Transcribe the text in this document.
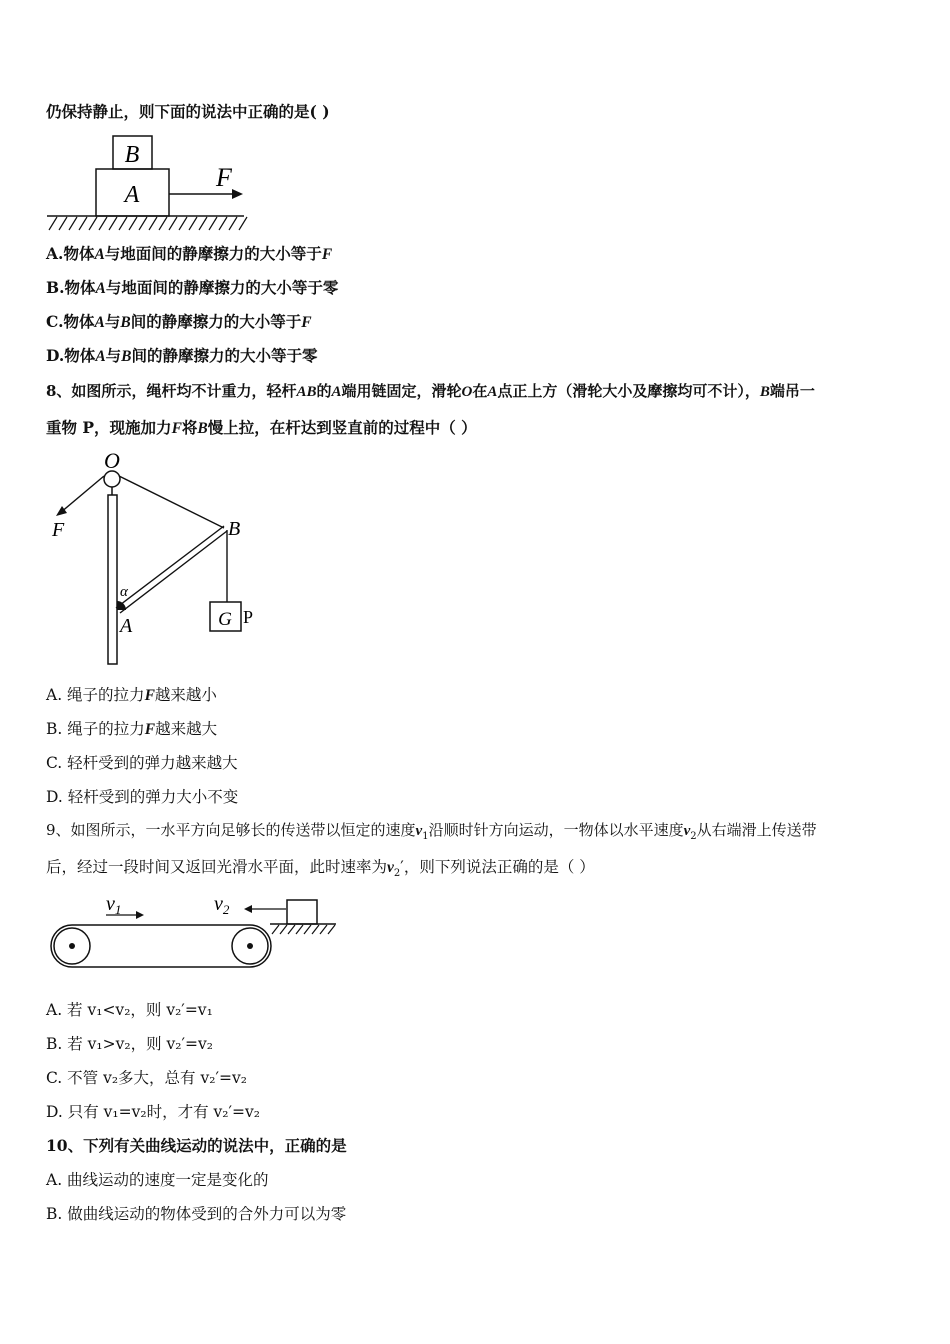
仍保持静止，则下面的说法中正确的是( )
B
A
F
A.物体A与地面间的静摩擦力的大小等于F
B.物体A与地面间的静摩擦力的大小等于零
C.物体A与B间的静摩擦力的大小等于F
D.物体A与B间的静摩擦力的大小等于零
8、如图所示，绳杆均不计重力，轻杆AB的A端用链固定，滑轮O在A点正上方（滑轮大小及摩擦均可不计），B端吊一
重物 P，现施加力F将B慢上拉，在杆达到竖直前的过程中（ ）
O
F	B
G P
α
A
A. 绳子的拉力F越来越小
B. 绳子的拉力F越来越大
C. 轻杆受到的弹力越来越大
D. 轻杆受到的弹力大小不变
9、如图所示，一水平方向足够长的传送带以恒定的速度$v_1$沿顺时针方向运动，一物体以水平速度$v_2$从右端滑上传送带
后，经过一段时间又返回光滑水平面，此时速率为$v_2'$，则下列说法正确的是（ ）
$v_1$	$v_2$
A. 若 v₁<v₂，则 v₂′=v₁
B. 若 v₁>v₂，则 v₂′=v₂
C. 不管 v₂多大，总有 v₂′=v₂
D. 只有 v₁=v₂时，才有 v₂′=v₂
10、下列有关曲线运动的说法中，正确的是
A. 曲线运动的速度一定是变化的
B. 做曲线运动的物体受到的合外力可以为零
